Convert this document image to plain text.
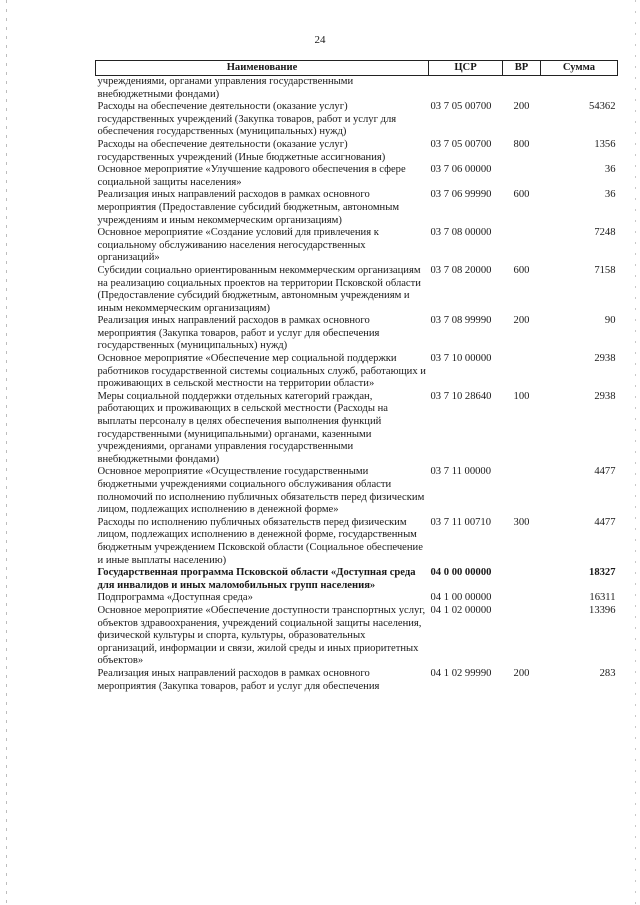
24
Наименование	ЦСР	ВР	Сумма
учреждениями, органами управления государственными внебюджетными фондами)			
Расходы на обеспечение деятельности (оказание услуг) государственных учреждений (Закупка товаров, работ и услуг для обеспечения государственных (муниципальных) нужд)	03 7 05 00700	200	54362
Расходы на обеспечение деятельности (оказание услуг) государственных учреждений (Иные бюджетные ассигнования)	03 7 05 00700	800	1356
Основное мероприятие «Улучшение кадрового обеспечения в сфере социальной защиты населения»	03 7 06 00000		36
Реализация иных направлений расходов в рамках основного мероприятия (Предоставление субсидий бюджетным, автономным учреждениям и иным некоммерческим организациям)	03 7 06 99990	600	36
Основное мероприятие «Создание условий для привлечения к социальному обслуживанию населения негосударственных организаций»	03 7 08 00000		7248
Субсидии социально ориентированным некоммерческим организациям на реализацию социальных проектов на территории Псковской области (Предоставление субсидий бюджетным, автономным учреждениям и иным некоммерческим организациям)	03 7 08 20000	600	7158
Реализация иных направлений расходов в рамках основного мероприятия (Закупка товаров, работ и услуг для обеспечения государственных (муниципальных) нужд)	03 7 08 99990	200	90
Основное мероприятие «Обеспечение мер социальной поддержки работников государственной системы социальных служб, работающих и проживающих в сельской местности на территории области»	03 7 10 00000		2938
Меры социальной поддержки отдельных категорий граждан, работающих и проживающих в сельской местности (Расходы на выплаты персоналу в целях обеспечения выполнения функций государственными (муниципальными) органами, казенными учреждениями, органами управления государственными внебюджетными фондами)	03 7 10 28640	100	2938
Основное мероприятие «Осуществление государственными бюджетными учреждениями социального обслуживания области полномочий по исполнению публичных обязательств перед физическим лицом, подлежащих исполнению в денежной форме»	03 7 11 00000		4477
Расходы по исполнению публичных обязательств перед физическим лицом, подлежащих исполнению в денежной форме, государственным бюджетным учреждением Псковской области (Социальное обеспечение и иные выплаты населению)	03 7 11 00710	300	4477
Государственная программа Псковской области «Доступная среда для инвалидов и иных маломобильных групп населения»	04 0 00 00000		18327
Подпрограмма «Доступная среда»	04 1 00 00000		16311
Основное мероприятие «Обеспечение доступности транспортных услуг, объектов здравоохранения, учреждений социальной защиты населения, физической культуры и спорта, культуры, образовательных организаций, информации и связи, жилой среды и иных приоритетных объектов»	04 1 02 00000		13396
Реализация иных направлений расходов в рамках основного мероприятия (Закупка товаров, работ и услуг для обеспечения	04 1 02 99990	200	283
